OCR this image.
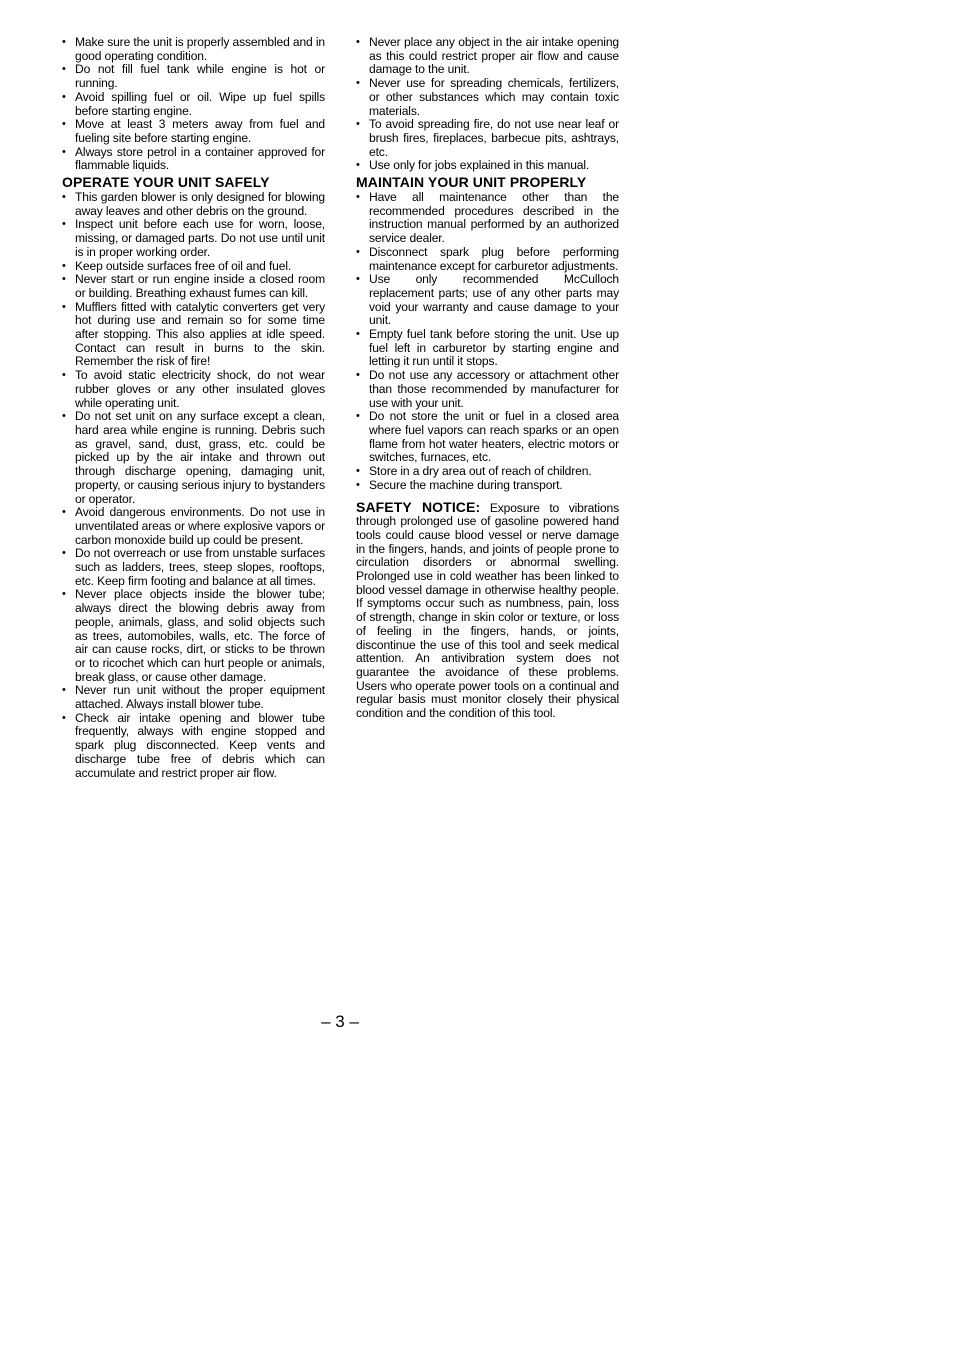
• Make sure the unit is properly assembled and in good operating condition.
• Do not fill fuel tank while engine is hot or running.
• Avoid spilling fuel or oil. Wipe up fuel spills before starting engine.
• Move at least 3 meters away from fuel and fueling site before starting engine.
• Always store petrol in a container approved for flammable liquids.
OPERATE YOUR UNIT SAFELY
• This garden blower is only designed for blowing away leaves and other debris on the ground.
• Inspect unit before each use for worn, loose, missing, or damaged parts. Do not use until unit is in proper working order.
• Keep outside surfaces free of oil and fuel.
• Never start or run engine inside a closed room or building. Breathing exhaust fumes can kill.
• Mufflers fitted with catalytic converters get very hot during use and remain so for some time after stopping. This also applies at idle speed. Contact can result in burns to the skin. Remember the risk of fire!
• To avoid static electricity shock, do not wear rubber gloves or any other insulated gloves while operating unit.
• Do not set unit on any surface except a clean, hard area while engine is running. Debris such as gravel, sand, dust, grass, etc. could be picked up by the air intake and thrown out through discharge opening, damaging unit, property, or causing serious injury to bystanders or operator.
• Avoid dangerous environments. Do not use in unventilated areas or where explosive vapors or carbon monoxide build up could be present.
• Do not overreach or use from unstable surfaces such as ladders, trees, steep slopes, rooftops, etc. Keep firm footing and balance at all times.
• Never place objects inside the blower tube; always direct the blowing debris away from people, animals, glass, and solid objects such as trees, automobiles, walls, etc. The force of air can cause rocks, dirt, or sticks to be thrown or to ricochet which can hurt people or animals, break glass, or cause other damage.
• Never run unit without the proper equipment attached. Always install blower tube.
• Check air intake opening and blower tube frequently, always with engine stopped and spark plug disconnected. Keep vents and discharge tube free of debris which can accumulate and restrict proper air flow.
• Never place any object in the air intake opening as this could restrict proper air flow and cause damage to the unit.
• Never use for spreading chemicals, fertilizers, or other substances which may contain toxic materials.
• To avoid spreading fire, do not use near leaf or brush fires, fireplaces, barbecue pits, ashtrays, etc.
• Use only for jobs explained in this manual.
MAINTAIN YOUR UNIT PROPERLY
• Have all maintenance other than the recommended procedures described in the instruction manual performed by an authorized service dealer.
• Disconnect spark plug before performing maintenance except for carburetor adjustments.
• Use only recommended McCulloch replacement parts; use of any other parts may void your warranty and cause damage to your unit.
• Empty fuel tank before storing the unit. Use up fuel left in carburetor by starting engine and letting it run until it stops.
• Do not use any accessory or attachment other than those recommended by manufacturer for use with your unit.
• Do not store the unit or fuel in a closed area where fuel vapors can reach sparks or an open flame from hot water heaters, electric motors or switches, furnaces, etc.
• Store in a dry area out of reach of children.
• Secure the machine during transport.

SAFETY NOTICE: Exposure to vibrations through prolonged use of gasoline powered hand tools could cause blood vessel or nerve damage in the fingers, hands, and joints of people prone to circulation disorders or abnormal swelling. Prolonged use in cold weather has been linked to blood vessel damage in otherwise healthy people. If symptoms occur such as numbness, pain, loss of strength, change in skin color or texture, or loss of feeling in the fingers, hands, or joints, discontinue the use of this tool and seek medical attention. An antivibration system does not guarantee the avoidance of these problems. Users who operate power tools on a continual and regular basis must monitor closely their physical condition and the condition of this tool.

– 3 –
